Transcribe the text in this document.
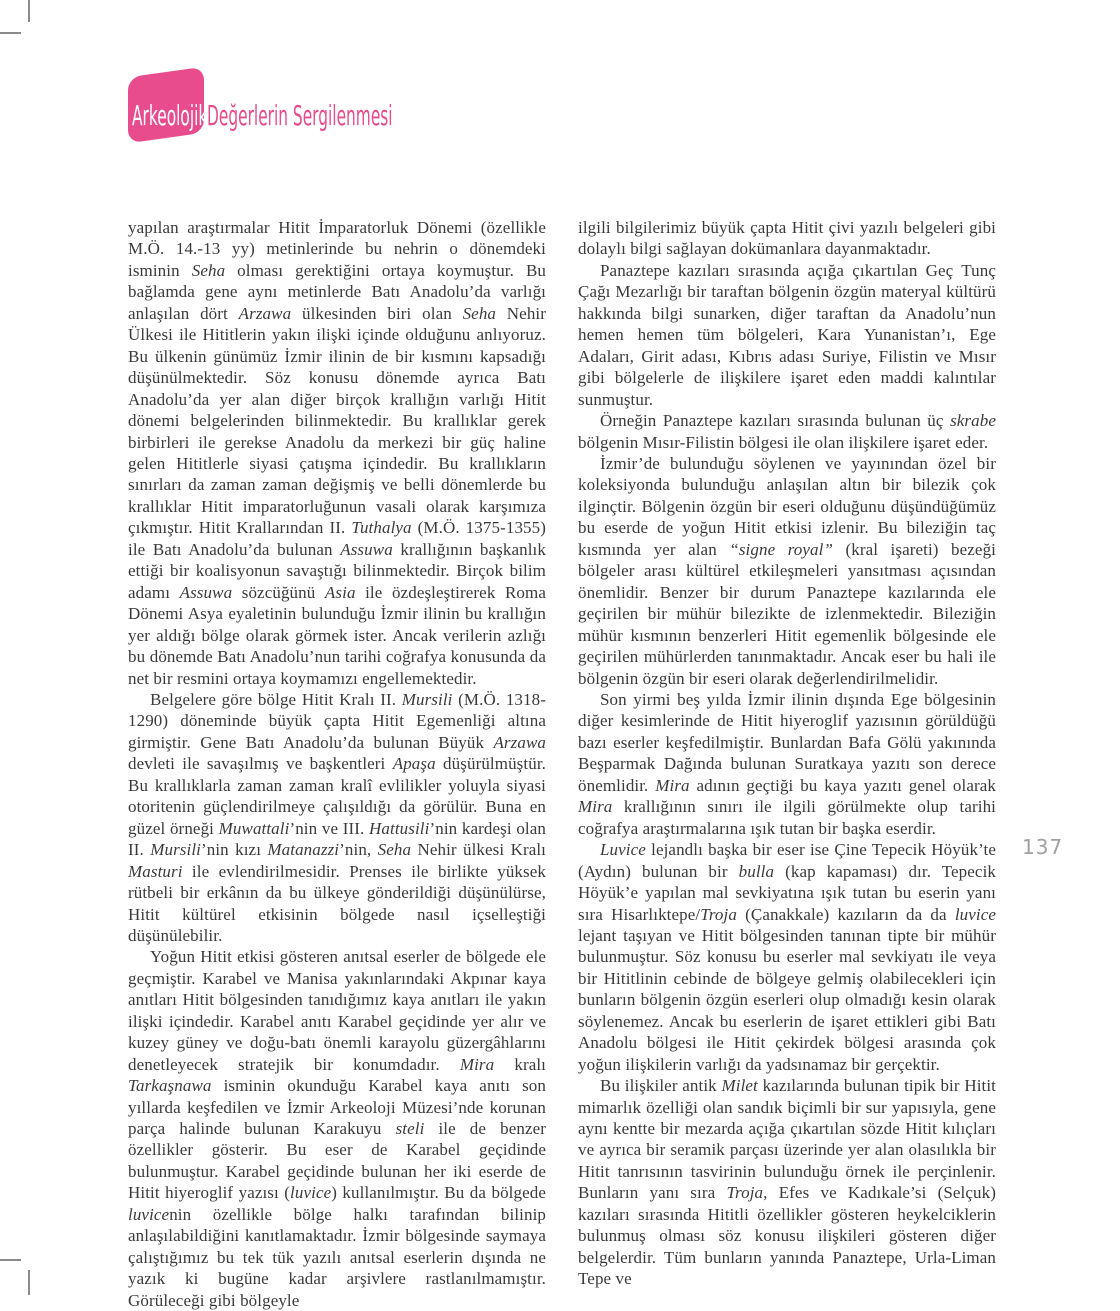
Arkeolojik Değerlerin Sergilenmesi

yapılan araştırmalar Hitit İmparatorluk Dönemi (özellikle M.Ö. 14.-13 yy) metinlerinde bu nehrin o dönemdeki isminin Seha olması gerektiğini ortaya koymuştur. Bu bağlamda gene aynı metinlerde Batı Anadolu’da varlığı anlaşılan dört Arzawa ülkesinden biri olan Seha Nehir Ülkesi ile Hititlerin yakın ilişki içinde olduğunu anlıyoruz. Bu ülkenin günümüz İzmir ilinin de bir kısmını kapsadığı düşünülmektedir. Söz konusu dönemde ayrıca Batı Anadolu’da yer alan diğer birçok krallığın varlığı Hitit dönemi belgelerinden bilinmektedir. Bu krallıklar gerek birbirleri ile gerekse Anadolu da merkezi bir güç haline gelen Hititlerle siyasi çatışma içindedir. Bu krallıkların sınırları da zaman zaman değişmiş ve belli dönemlerde bu krallıklar Hitit imparatorluğunun vasali olarak karşımıza çıkmıştır. Hitit Krallarından II. Tuthalya (M.Ö. 1375-1355) ile Batı Anadolu’da bulunan Assuwa krallığının başkanlık ettiği bir koalisyonun savaştığı bilinmektedir. Birçok bilim adamı Assuwa sözcüğünü Asia ile özdeşleştirerek Roma Dönemi Asya eyaletinin bulunduğu İzmir ilinin bu krallığın yer aldığı bölge olarak görmek ister. Ancak verilerin azlığı bu dönemde Batı Anadolu’nun tarihi coğrafya konusunda da net bir resmini ortaya koymamızı engellemektedir.

Belgelere göre bölge Hitit Kralı II. Mursili (M.Ö. 1318-1290) döneminde büyük çapta Hitit Egemenliği altına girmiştir. Gene Batı Anadolu’da bulunan Büyük Arzawa devleti ile savaşılmış ve başkentleri Apaşa düşürülmüştür. Bu krallıklarla zaman zaman kralî evlilikler yoluyla siyasi otoritenin güçlendirilmeye çalışıldığı da görülür. Buna en güzel örneği Muwattali’nin ve III. Hattusili’nin kardeşi olan II. Mursili’nin kızı Matanazzi’nin, Seha Nehir ülkesi Kralı Masturi ile evlendirilmesidir. Prenses ile birlikte yüksek rütbeli bir erkânın da bu ülkeye gönderildiği düşünülürse, Hitit kültürel etkisinin bölgede nasıl içselleştiği düşünülebilir.

Yoğun Hitit etkisi gösteren anıtsal eserler de bölgede ele geçmiştir. Karabel ve Manisa yakınlarındaki Akpınar kaya anıtları Hitit bölgesinden tanıdığımız kaya anıtları ile yakın ilişki içindedir. Karabel anıtı Karabel geçidinde yer alır ve kuzey güney ve doğu-batı önemli karayolu güzergâhlarını denetleyecek stratejik bir konumdadır. Mira kralı Tarkaşnawa isminin okunduğu Karabel kaya anıtı son yıllarda keşfedilen ve İzmir Arkeoloji Müzesi’nde korunan parça halinde bulunan Karakuyu steli ile de benzer özellikler gösterir. Bu eser de Karabel geçidinde bulunmuştur. Karabel geçidinde bulunan her iki eserde de Hitit hiyeroglif yazısı (luvice) kullanılmıştır. Bu da bölgede luvicenin özellikle bölge halkı tarafından bilinip anlaşılabildiğini kanıtlamaktadır. İzmir bölgesinde saymaya çalıştığımız bu tek tük yazılı anıtsal eserlerin dışında ne yazık ki bugüne kadar arşivlere rastlanılmamıştır. Görüleceği gibi bölgeyle

ilgili bilgilerimiz büyük çapta Hitit çivi yazılı belgeleri gibi dolaylı bilgi sağlayan dokümanlara dayanmaktadır.

Panaztepe kazıları sırasında açığa çıkartılan Geç Tunç Çağı Mezarlığı bir taraftan bölgenin özgün materyal kültürü hakkında bilgi sunarken, diğer taraftan da Anadolu’nun hemen hemen tüm bölgeleri, Kara Yunanistan’ı, Ege Adaları, Girit adası, Kıbrıs adası Suriye, Filistin ve Mısır gibi bölgelerle de ilişkilere işaret eden maddi kalıntılar sunmuştur.

Örneğin Panaztepe kazıları sırasında bulunan üç skrabe bölgenin Mısır-Filistin bölgesi ile olan ilişkilere işaret eder.

İzmir’de bulunduğu söylenen ve yayınından özel bir koleksiyonda bulunduğu anlaşılan altın bir bilezik çok ilginçtir. Bölgenin özgün bir eseri olduğunu düşündüğümüz bu eserde de yoğun Hitit etkisi izlenir. Bu bileziğin taç kısmında yer alan “signe royal” (kral işareti) bezeği bölgeler arası kültürel etkileşmeleri yansıtması açısından önemlidir. Benzer bir durum Panaztepe kazılarında ele geçirilen bir mühür bilezikte de izlenmektedir. Bileziğin mühür kısmının benzerleri Hitit egemenlik bölgesinde ele geçirilen mühürlerden tanınmaktadır. Ancak eser bu hali ile bölgenin özgün bir eseri olarak değerlendirilmelidir.

Son yirmi beş yılda İzmir ilinin dışında Ege bölgesinin diğer kesimlerinde de Hitit hiyeroglif yazısının görüldüğü bazı eserler keşfedilmiştir. Bunlardan Bafa Gölü yakınında Beşparmak Dağında bulunan Suratkaya yazıtı son derece önemlidir. Mira adının geçtiği bu kaya yazıtı genel olarak Mira krallığının sınırı ile ilgili görülmekte olup tarihi coğrafya araştırmalarına ışık tutan bir başka eserdir.

Luvice lejandlı başka bir eser ise Çine Tepecik Höyük’te (Aydın) bulunan bir bulla (kap kapaması) dır. Tepecik Höyük’e yapılan mal sevkiyatına ışık tutan bu eserin yanı sıra Hisarlıktepe/Troja (Çanakkale) kazıların da da luvice lejant taşıyan ve Hitit bölgesinden tanınan tipte bir mühür bulunmuştur. Söz konusu bu eserler mal sevkiyatı ile veya bir Hititlinin cebinde de bölgeye gelmiş olabilecekleri için bunların bölgenin özgün eserleri olup olmadığı kesin olarak söylenemez. Ancak bu eserlerin de işaret ettikleri gibi Batı Anadolu bölgesi ile Hitit çekirdek bölgesi arasında çok yoğun ilişkilerin varlığı da yadsınamaz bir gerçektir.

Bu ilişkiler antik Milet kazılarında bulunan tipik bir Hitit mimarlık özelliği olan sandık biçimli bir sur yapısıyla, gene aynı kentte bir mezarda açığa çıkartılan sözde Hitit kılıçları ve ayrıca bir seramik parçası üzerinde yer alan olasılıkla bir Hitit tanrısının tasvirinin bulunduğu örnek ile perçinlenir. Bunların yanı sıra Troja, Efes ve Kadıkale’si (Selçuk) kazıları sırasında Hititli özellikler gösteren heykelciklerin bulunmuş olması söz konusu ilişkileri gösteren diğer belgelerdir. Tüm bunların yanında Panaztepe, Urla-Liman Tepe ve

137
